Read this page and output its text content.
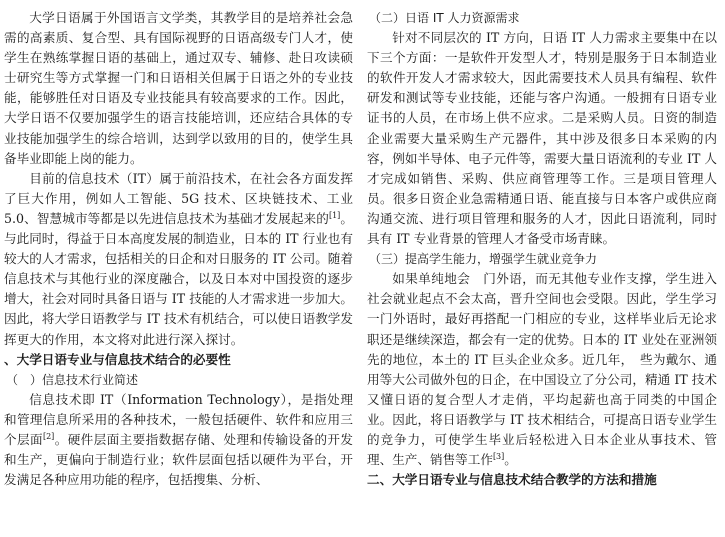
大学日语属于外国语言文学类，其教学目的是培养社会急需的高素质、复合型、具有国际视野的日语高级专门人才，使学生在熟练掌握日语的基础上，通过双专、辅修、赴日攻读硕士研究生等方式掌握一门和日语相关但属于日语之外的专业技能，能够胜任对日语及专业技能具有较高要求的工作。因此，大学日语不仅要加强学生的语言技能培训，还应结合具体的专业技能加强学生的综合培训，达到学以致用的目的，使学生具备毕业即能上岗的能力。

目前的信息技术（IT）属于前沿技术，在社会各方面发挥了巨大作用，例如人工智能、5G 技术、区块链技术、工业 5.0、智慧城市等都是以先进信息技术为基础才发展起来的[1]。与此同时，得益于日本高度发展的制造业，日本的 IT 行业也有较大的人才需求，包括相关的日企和对日服务的 IT 公司。随着信息技术与其他行业的深度融合，以及日本对中国投资的逐步增大，社会对同时具备日语与 IT 技能的人才需求进一步加大。因此，将大学日语教学与 IT 技术有机结合，可以使日语教学发挥更大的作用，本文将对此进行深入探讨。

、大学日语专业与信息技术结合的必要性
（　）信息技术行业简述

信息技术即 IT（Information Technology），是指处理和管理信息所采用的各种技术，一般包括硬件、软件和应用三个层面[2]。硬件层面主要指数据存储、处理和传输设备的开发和生产，更偏向于制造行业；软件层面包括以硬件为平台，开发满足各种应用功能的程序，包括搜集、分析、

（二）日语 IT 人力资源需求

针对不同层次的 IT 方向，日语 IT 人力需求主要集中在以下三个方面：一是软件开发型人才，特别是服务于日本制造业的软件开发人才需求较大，因此需要技术人员具有编程、软件研发和测试等专业技能，还能与客户沟通。一般拥有日语专业证书的人员，在市场上供不应求。二是采购人员。日资的制造企业需要大量采购生产元器件，其中涉及很多日本采购的内容，例如半导体、电子元件等，需要大量日语流利的专业 IT 人才完成如销售、采购、供应商管理等工作。三是项目管理人员。很多日资企业急需精通日语、能直接与日本客户或供应商沟通交流、进行项目管理和服务的人才，因此日语流利，同时具有 IT 专业背景的管理人才备受市场青睐。

（三）提高学生能力，增强学生就业竞争力

如果单纯地会　门外语，而无其他专业作支撑，学生进入社会就业起点不会太高，晋升空间也会受限。因此，学生学习一门外语时，最好再搭配一门相应的专业，这样毕业后无论求职还是继续深造，都会有一定的优势。日本的 IT 业处在亚洲领先的地位，本土的 IT 巨头企业众多。近几年，　些为戴尔、通用等大公司做外包的日企，在中国设立了分公司，精通 IT 技术又懂日语的复合型人才走俏，平均起薪也高于同类的中国企业。因此，将日语教学与 IT 技术相结合，可提高日语专业学生的竞争力，可使学生毕业后轻松进入日本企业从事技术、管理、生产、销售等工作[3]。

二、大学日语专业与信息技术结合教学的方法和措施
